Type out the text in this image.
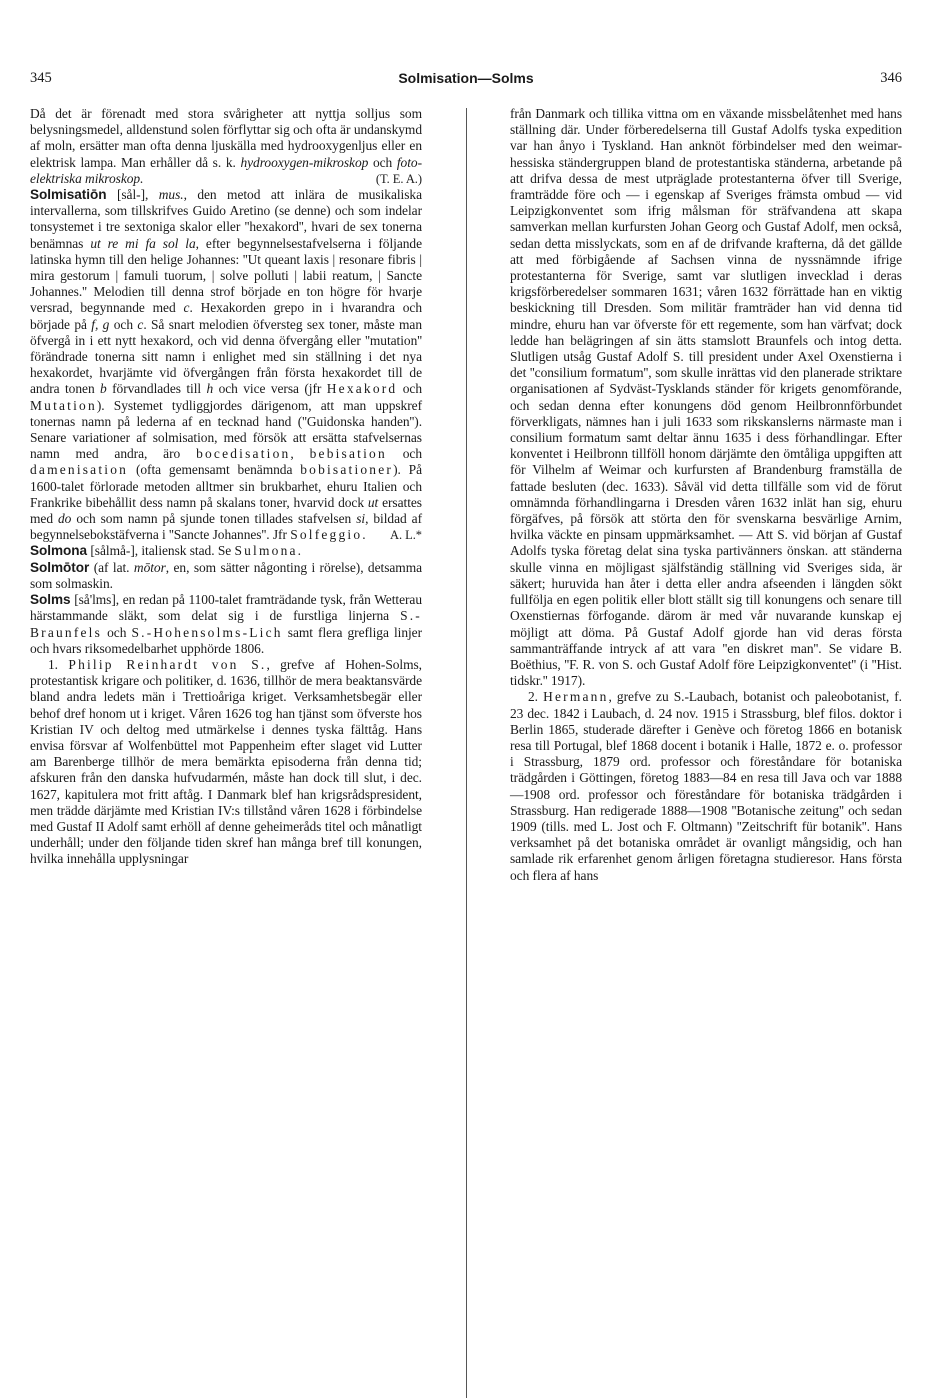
345	Solmisation—Solms	346

Då det är förenadt med stora svårigheter att nyttja solljus som belysningsmedel, alldenstund solen förflyttar sig och ofta är undanskymd af moln, ersätter man ofta denna ljuskälla med hydrooxygenljus eller en elektrisk lampa. Man erhåller då s. k. hydrooxygen-mikroskop och foto-elektriska mikroskop.	(T. E. A.)

Solmisatiōn [sål-], mus., den metod att inlära de musikaliska intervallerna, som tillskrifves Guido Aretino (se denne) och som indelar tonsystemet i tre sextoniga skalor eller ''hexakord'', hvari de sex tonerna benämnas ut re mi fa sol la, efter begynnelsestafvelserna i följande latinska hymn till den helige Johannes: ''Ut queant laxis | resonare fibris | mira gestorum | famuli tuorum, | solve polluti | labii reatum, | Sancte Johannes.'' Melodien till denna strof började en ton högre för hvarje versrad, begynnande med c. Hexakorden grepo in i hvarandra och började på f, g och c. Så snart melodien öfversteg sex toner, måste man öfvergå in i ett nytt hexakord, och vid denna öfvergång eller ''mutation'' förändrade tonerna sitt namn i enlighet med sin ställning i det nya hexakordet, hvarjämte vid öfvergången från första hexakordet till de andra tonen b förvandlades till h och vice versa (jfr Hexakord och Mutation). Systemet tydliggjordes därigenom, att man uppskref tonernas namn på lederna af en tecknad hand (''Guidonska handen''). Senare variationer af solmisation, med försök att ersätta stafvelsernas namn med andra, äro bocedisation, bebisation och damenisation (ofta gemensamt benämnda bobisationer). På 1600-talet förlorade metoden alltmer sin brukbarhet, ehuru Italien och Frankrike bibehållit dess namn på skalans toner, hvarvid dock ut ersattes med do och som namn på sjunde tonen tillades stafvelsen si, bildad af begynnelsebokstäfverna i ''Sancte Johannes''. Jfr Solfeggio. A. L.*

Solmona [sålmå-], italiensk stad. Se Sulmona.

Solmōtor (af lat. mōtor, en, som sätter någonting i rörelse), detsamma som solmaskin.

Solms [så'lms], en redan på 1100-talet framträdande tysk, från Wetterau härstammande släkt, som delat sig i de furstliga linjerna S.-Braunfels och S.-Hohensolms-Lich samt flera grefliga linjer och hvars riksomedelbarhet upphörde 1806.

1. Philip Reinhardt von S., grefve af Hohen-Solms, protestantisk krigare och politiker, d. 1636, tillhör de mera beaktansvärde bland andra ledets män i Trettioåriga kriget. Verksamhetsbegär eller behof dref honom ut i kriget. Våren 1626 tog han tjänst som öfverste hos Kristian IV och deltog med utmärkelse i dennes tyska fälttåg. Hans envisa försvar af Wolfenbüttel mot Pappenheim efter slaget vid Lutter am Barenberge tillhör de mera bemärkta episoderna från denna tid; afskuren från den danska hufvudarmén, måste han dock till slut, i dec. 1627, kapitulera mot fritt aftåg. I Danmark blef han krigsrådspresident, men trädde därjämte med Kristian IV:s tillstånd våren 1628 i förbindelse med Gustaf II Adolf samt erhöll af denne geheimeråds titel och månatligt underhåll; under den följande tiden skref han många bref till konungen, hvilka innehålla upplysningar

från Danmark och tillika vittna om en växande missbelåtenhet med hans ställning där. Under förberedelserna till Gustaf Adolfs tyska expedition var han ånyo i Tyskland. Han anknöt förbindelser med den weimar-hessiska ständergruppen bland de protestantiska ständerna, arbetande på att drifva dessa de mest utpräglade protestanterna öfver till Sverige, framträdde före och — i egenskap af Sveriges främsta ombud — vid Leipzigkonventet som ifrig målsman för sträfvandena att skapa samverkan mellan kurfursten Johan Georg och Gustaf Adolf, men också, sedan detta misslyckats, som en af de drifvande krafterna, då det gällde att med förbigående af Sachsen vinna de nyssnämnde ifrige protestanterna för Sverige, samt var slutligen invecklad i deras krigsförberedelser sommaren 1631; våren 1632 förrättade han en viktig beskickning till Dresden. Som militär framträder han vid denna tid mindre, ehuru han var öfverste för ett regemente, som han värfvat; dock ledde han belägringen af sin ätts stamslott Braunfels och intog detta. Slutligen utsåg Gustaf Adolf S. till president under Axel Oxenstierna i det ''consilium formatum'', som skulle inrättas vid den planerade striktare organisationen af Sydväst-Tysklands ständer för krigets genomförande, och sedan denna efter konungens död genom Heilbronnförbundet förverkligats, nämnes han i juli 1633 som rikskanslerns närmaste man i consilium formatum samt deltar ännu 1635 i dess förhandlingar. Efter konventet i Heilbronn tillföll honom därjämte den ömtåliga uppgiften att för Vilhelm af Weimar och kurfursten af Brandenburg framställa de fattade besluten (dec. 1633). Såväl vid detta tillfälle som vid de förut omnämnda förhandlingarna i Dresden våren 1632 inlät han sig, ehuru förgäfves, på försök att störta den för svenskarna besvärlige Arnim, hvilka väckte en pinsam uppmärksamhet. — Att S. vid början af Gustaf Adolfs tyska företag delat sina tyska partivänners önskan. att ständerna skulle vinna en möjligast själfständig ställning vid Sveriges sida, är säkert; huruvida han åter i detta eller andra afseenden i längden sökt fullfölja en egen politik eller blott ställt sig till konungens och senare till Oxenstiernas förfogande. därom är med vår nuvarande kunskap ej möjligt att döma. På Gustaf Adolf gjorde han vid deras första sammanträffande intryck af att vara ''en diskret man''. Se vidare B. Boëthius, ''F. R. von S. och Gustaf Adolf före Leipzigkonventet'' (i ''Hist. tidskr.'' 1917).

2. Hermann, grefve zu S.-Laubach, botanist och paleobotanist, f. 23 dec. 1842 i Laubach, d. 24 nov. 1915 i Strassburg, blef filos. doktor i Berlin 1865, studerade därefter i Genève och företog 1866 en botanisk resa till Portugal, blef 1868 docent i botanik i Halle, 1872 e. o. professor i Strassburg, 1879 ord. professor och föreståndare för botaniska trädgården i Göttingen, företog 1883—84 en resa till Java och var 1888—1908 ord. professor och föreståndare för botaniska trädgården i Strassburg. Han redigerade 1888—1908 ''Botanische zeitung'' och sedan 1909 (tills. med L. Jost och F. Oltmann) ''Zeitschrift für botanik''. Hans verksamhet på det botaniska området är ovanligt mångsidig, och han samlade rik erfarenhet genom årligen företagna studieresor. Hans första och flera af hans
